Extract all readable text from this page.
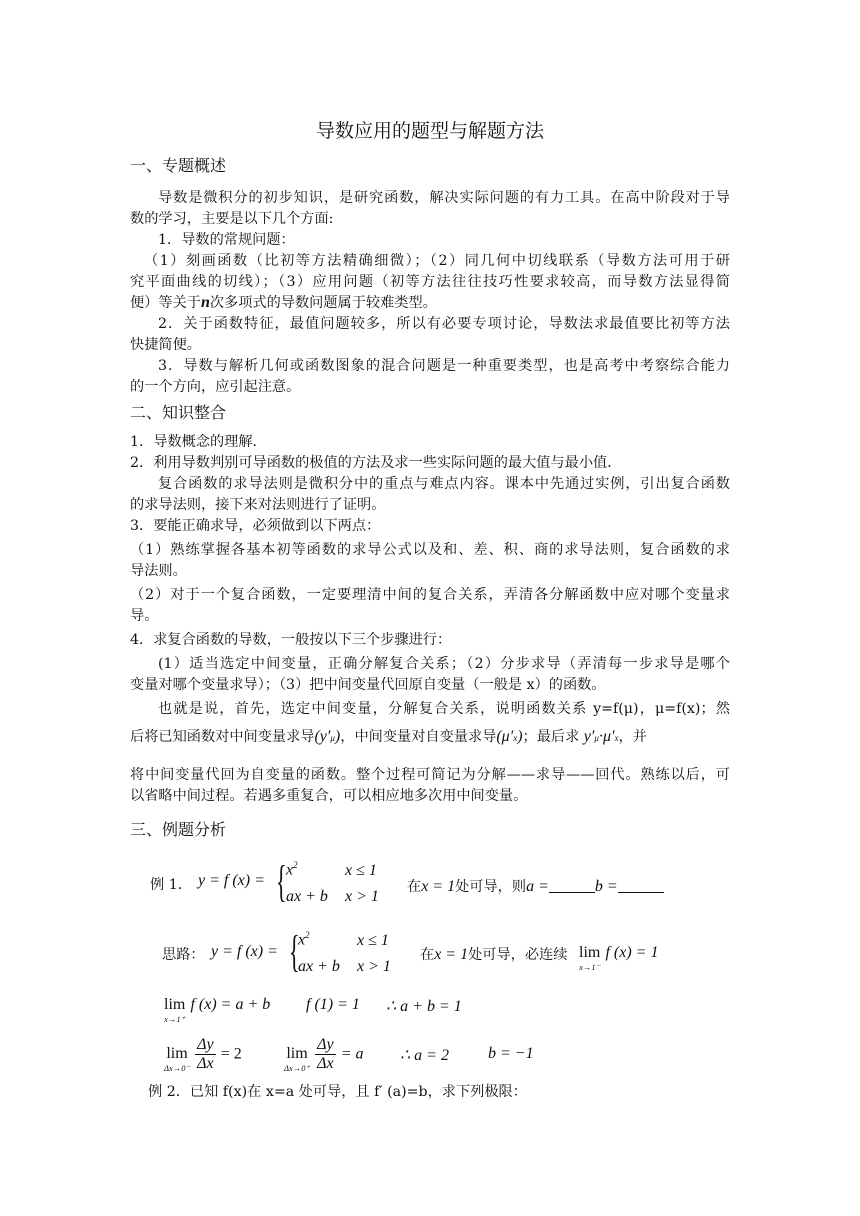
导数应用的题型与解题方法
一、专题概述
导数是微积分的初步知识，是研究函数，解决实际问题的有力工具。在高中阶段对于导
数的学习，主要是以下几个方面:
1．导数的常规问题：
（1）刻画函数（比初等方法精确细微）；（2）同几何中切线联系（导数方法可用于研
究平面曲线的切线）；（3）应用问题（初等方法往往技巧性要求较高，而导数方法显得简
便）等关于n次多项式的导数问题属于较难类型。
2．关于函数特征，最值问题较多，所以有必要专项讨论，导数法求最值要比初等方法
快捷简便。
3．导数与解析几何或函数图象的混合问题是一种重要类型，也是高考中考察综合能力
的一个方向，应引起注意。
二、知识整合
1．导数概念的理解．
2．利用导数判别可导函数的极值的方法及求一些实际问题的最大值与最小值．
复合函数的求导法则是微积分中的重点与难点内容。课本中先通过实例，引出复合函数
的求导法则，接下来对法则进行了证明。
3．要能正确求导，必须做到以下两点：
（1）熟练掌握各基本初等函数的求导公式以及和、差、积、商的求导法则，复合函数的求
导法则。
（2）对于一个复合函数，一定要理清中间的复合关系，弄清各分解函数中应对哪个变量求
导。
4．求复合函数的导数，一般按以下三个步骤进行：
(1）适当选定中间变量，正确分解复合关系；（2）分步求导（弄清每一步求导是哪个
变量对哪个变量求导）；（3）把中间变量代回原自变量（一般是 x）的函数。
也就是说，首先，选定中间变量，分解复合关系，说明函数关系 y=f(μ)，μ=f(x)；然
后将已知函数对中间变量求导(y′μ)，中间变量对自变量求导(μ′x)；最后求 y′μ·μ′x，并
将中间变量代回为自变量的函数。整个过程可简记为分解——求导——回代。熟练以后，可
以省略中间过程。若遇多重复合，可以相应地多次用中间变量。
三、例题分析
例 1． y = f (x) = { $x^2$	x ≤ 1
ax + b x > 1
在x = 1处可导，则a =	b =
思路： y = f (x) = {
$x^2$	x ≤ 1
ax + b x > 1
在x = 1处可导，必连续 lim
x→1⁻
f (x) = 1
lim
x→1⁺
f (x) = a + b f (1) = 1 ∴ a + b = 1
lim
Δx→0⁻
$\frac{\Delta y}{\Delta x} = 2$	lim
Δx→0⁺
$\frac{\Delta y}{\Delta x} = a$ ∴ a = 2 b = −1
例 2．已知 f(x)在 x=a 处可导，且 f′ (a)=b，求下列极限：
